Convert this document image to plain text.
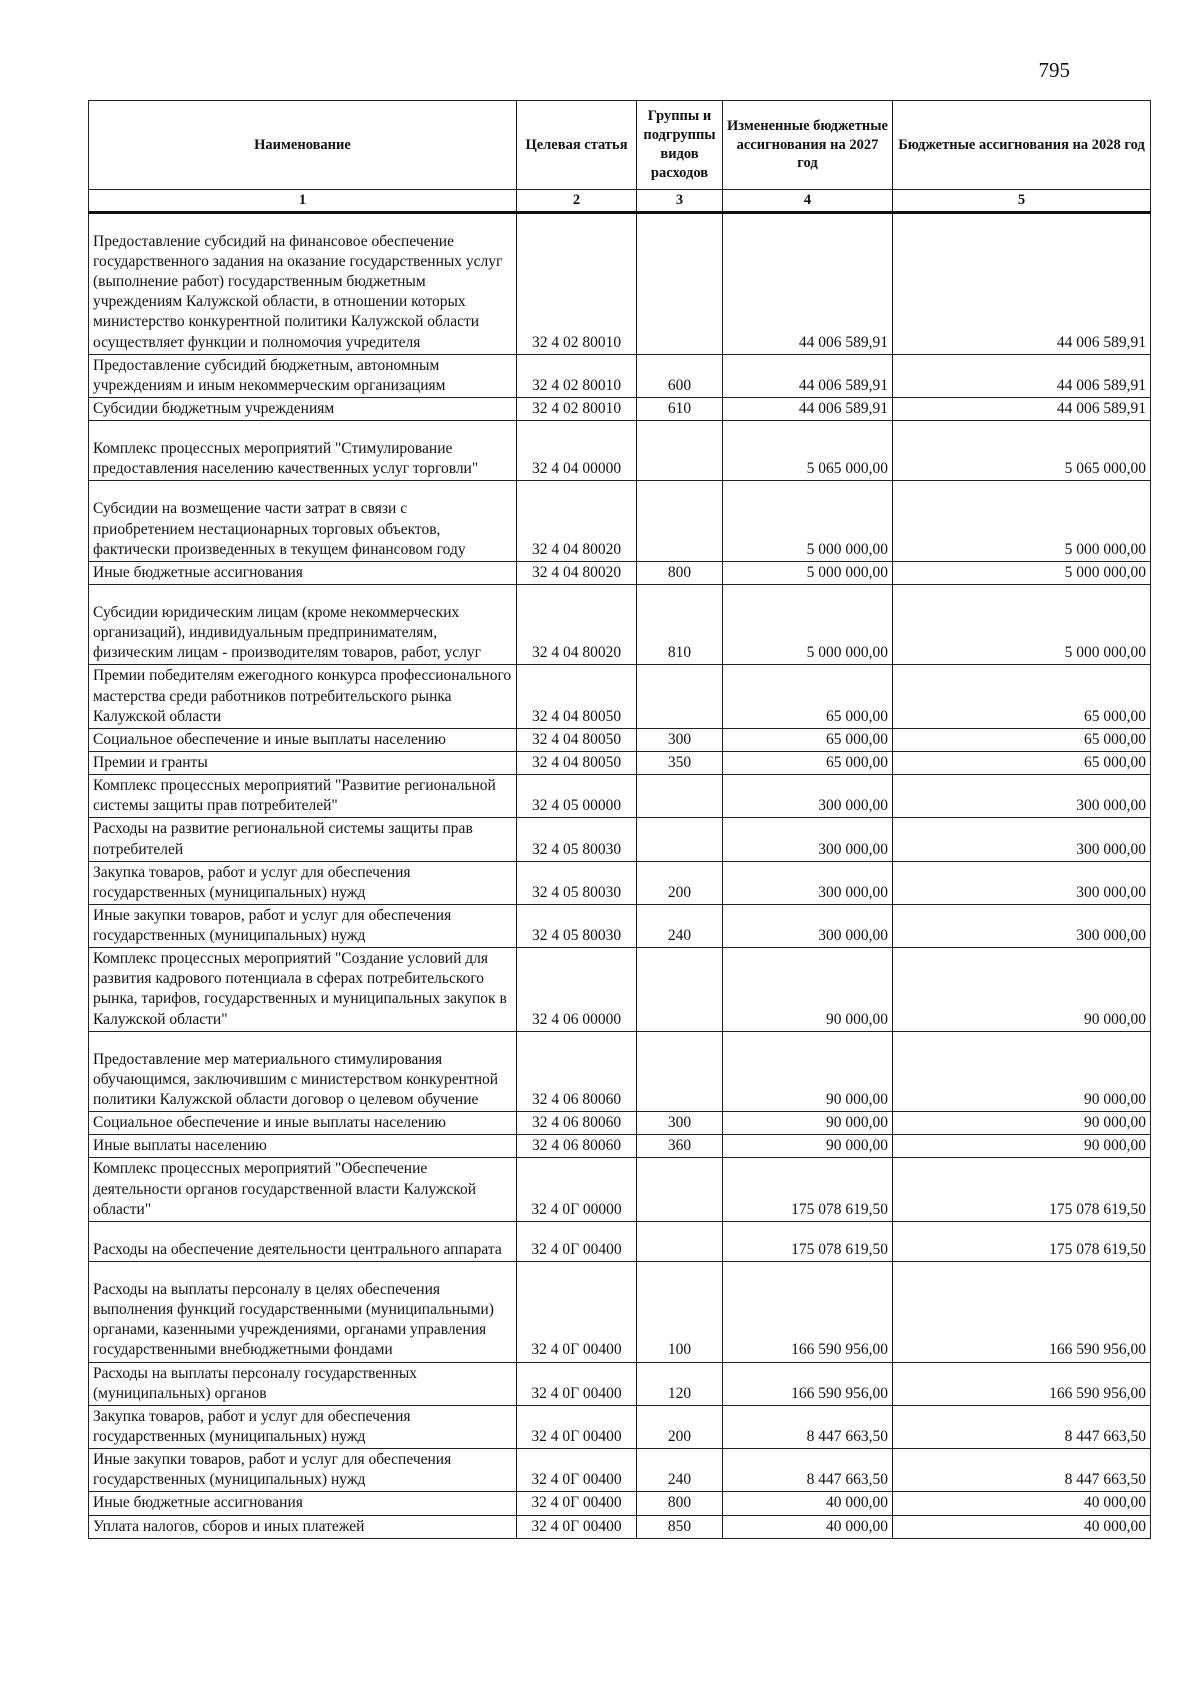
795
Наименование	Целевая статья	Группы и подгруппы видов расходов	Измененные бюджетные ассигнования на 2027 год	Бюджетные ассигнования на 2028 год
1	2	3	4	5
Предоставление субсидий на финансовое обеспечение государственного задания на оказание государственных услуг (выполнение работ) государственным бюджетным учреждениям Калужской области, в отношении которых министерство конкурентной политики Калужской области осуществляет функции и полномочия учредителя	32 4 02 80010		44 006 589,91	44 006 589,91
Предоставление субсидий бюджетным, автономным учреждениям и иным некоммерческим организациям	32 4 02 80010	600	44 006 589,91	44 006 589,91
Субсидии бюджетным учреждениям	32 4 02 80010	610	44 006 589,91	44 006 589,91
Комплекс процессных мероприятий "Стимулирование предоставления населению качественных услуг торговли"	32 4 04 00000		5 065 000,00	5 065 000,00
Субсидии на возмещение части затрат в связи с приобретением нестационарных торговых объектов, фактически произведенных в текущем финансовом году	32 4 04 80020		5 000 000,00	5 000 000,00
Иные бюджетные ассигнования	32 4 04 80020	800	5 000 000,00	5 000 000,00
Субсидии юридическим лицам (кроме некоммерческих организаций), индивидуальным предпринимателям, физическим лицам - производителям товаров, работ, услуг	32 4 04 80020	810	5 000 000,00	5 000 000,00
Премии победителям ежегодного конкурса профессионального мастерства среди работников потребительского рынка Калужской области	32 4 04 80050		65 000,00	65 000,00
Социальное обеспечение и иные выплаты населению	32 4 04 80050	300	65 000,00	65 000,00
Премии и гранты	32 4 04 80050	350	65 000,00	65 000,00
Комплекс процессных мероприятий "Развитие региональной системы защиты прав потребителей"	32 4 05 00000		300 000,00	300 000,00
Расходы на развитие региональной системы защиты прав потребителей	32 4 05 80030		300 000,00	300 000,00
Закупка товаров, работ и услуг для обеспечения государственных (муниципальных) нужд	32 4 05 80030	200	300 000,00	300 000,00
Иные закупки товаров, работ и услуг для обеспечения государственных (муниципальных) нужд	32 4 05 80030	240	300 000,00	300 000,00
Комплекс процессных мероприятий "Создание условий для развития кадрового потенциала в сферах потребительского рынка, тарифов, государственных и муниципальных закупок в Калужской области"	32 4 06 00000		90 000,00	90 000,00
Предоставление мер материального стимулирования обучающимся, заключившим с министерством конкурентной политики Калужской области договор о целевом обучение	32 4 06 80060		90 000,00	90 000,00
Социальное обеспечение и иные выплаты населению	32 4 06 80060	300	90 000,00	90 000,00
Иные выплаты населению	32 4 06 80060	360	90 000,00	90 000,00
Комплекс процессных мероприятий "Обеспечение деятельности органов государственной власти Калужской области"	32 4 0Г 00000		175 078 619,50	175 078 619,50
Расходы на обеспечение деятельности центрального аппарата	32 4 0Г 00400		175 078 619,50	175 078 619,50
Расходы на выплаты персоналу в целях обеспечения выполнения функций государственными (муниципальными) органами, казенными учреждениями, органами управления государственными внебюджетными фондами	32 4 0Г 00400	100	166 590 956,00	166 590 956,00
Расходы на выплаты персоналу государственных (муниципальных) органов	32 4 0Г 00400	120	166 590 956,00	166 590 956,00
Закупка товаров, работ и услуг для обеспечения государственных (муниципальных) нужд	32 4 0Г 00400	200	8 447 663,50	8 447 663,50
Иные закупки товаров, работ и услуг для обеспечения государственных (муниципальных) нужд	32 4 0Г 00400	240	8 447 663,50	8 447 663,50
Иные бюджетные ассигнования	32 4 0Г 00400	800	40 000,00	40 000,00
Уплата налогов, сборов и иных платежей	32 4 0Г 00400	850	40 000,00	40 000,00
